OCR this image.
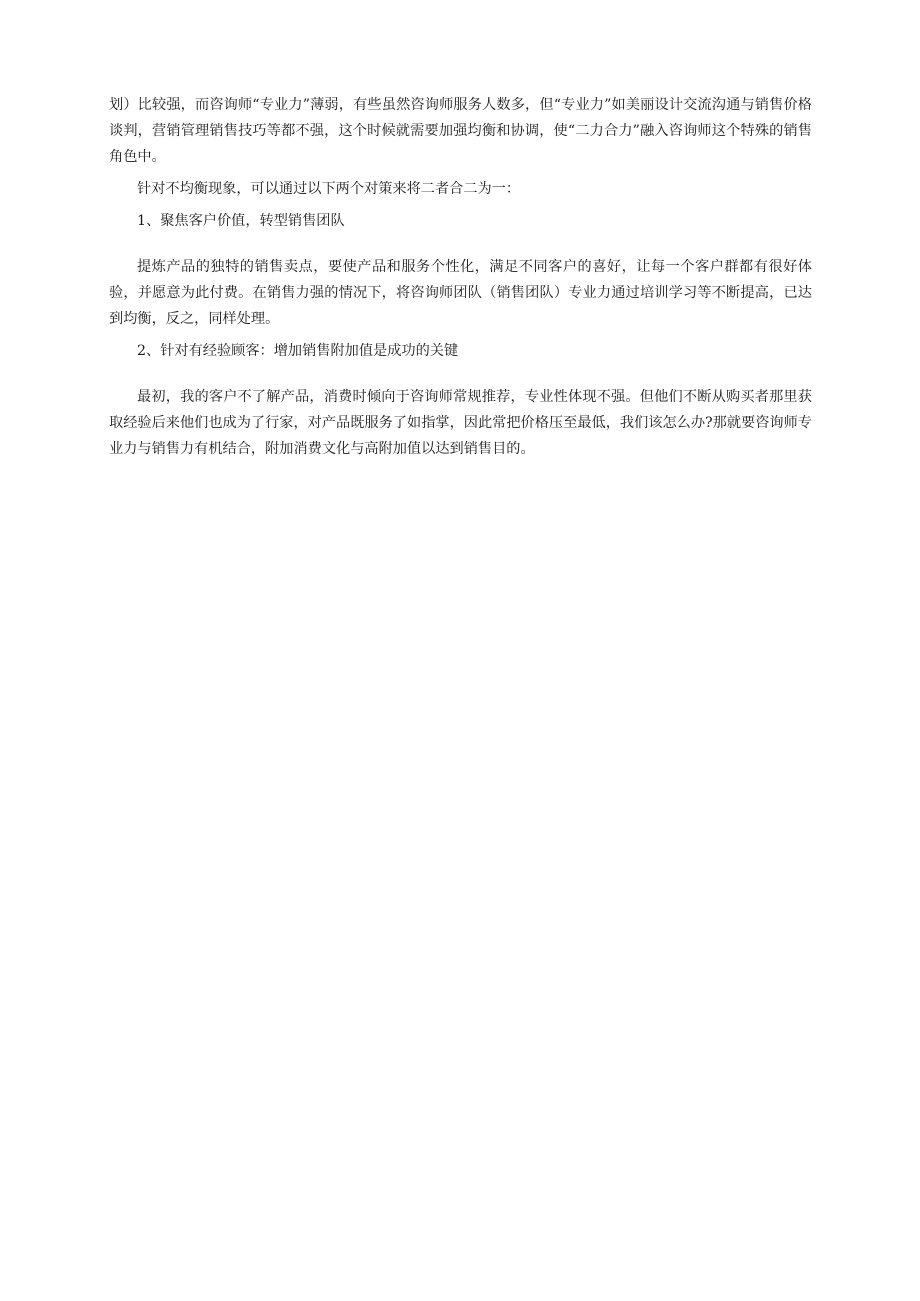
划）比较强，而咨询师“专业力”薄弱，有些虽然咨询师服务人数多，但“专业力”如美丽设计交流沟通与销售价格谈判，营销管理销售技巧等都不强，这个时候就需要加强均衡和协调，使“二力合力”融入咨询师这个特殊的销售角色中。

针对不均衡现象，可以通过以下两个对策来将二者合二为一：

1、聚焦客户价值，转型销售团队

提炼产品的独特的销售卖点，要使产品和服务个性化，满足不同客户的喜好，让每一个客户群都有很好体验，并愿意为此付费。在销售力强的情况下，将咨询师团队（销售团队）专业力通过培训学习等不断提高，已达到均衡，反之，同样处理。

2、针对有经验顾客：增加销售附加值是成功的关键

最初，我的客户不了解产品，消费时倾向于咨询师常规推荐，专业性体现不强。但他们不断从购买者那里获取经验后来他们也成为了行家，对产品既服务了如指掌，因此常把价格压至最低，我们该怎么办?那就要咨询师专业力与销售力有机结合，附加消费文化与高附加值以达到销售目的。
